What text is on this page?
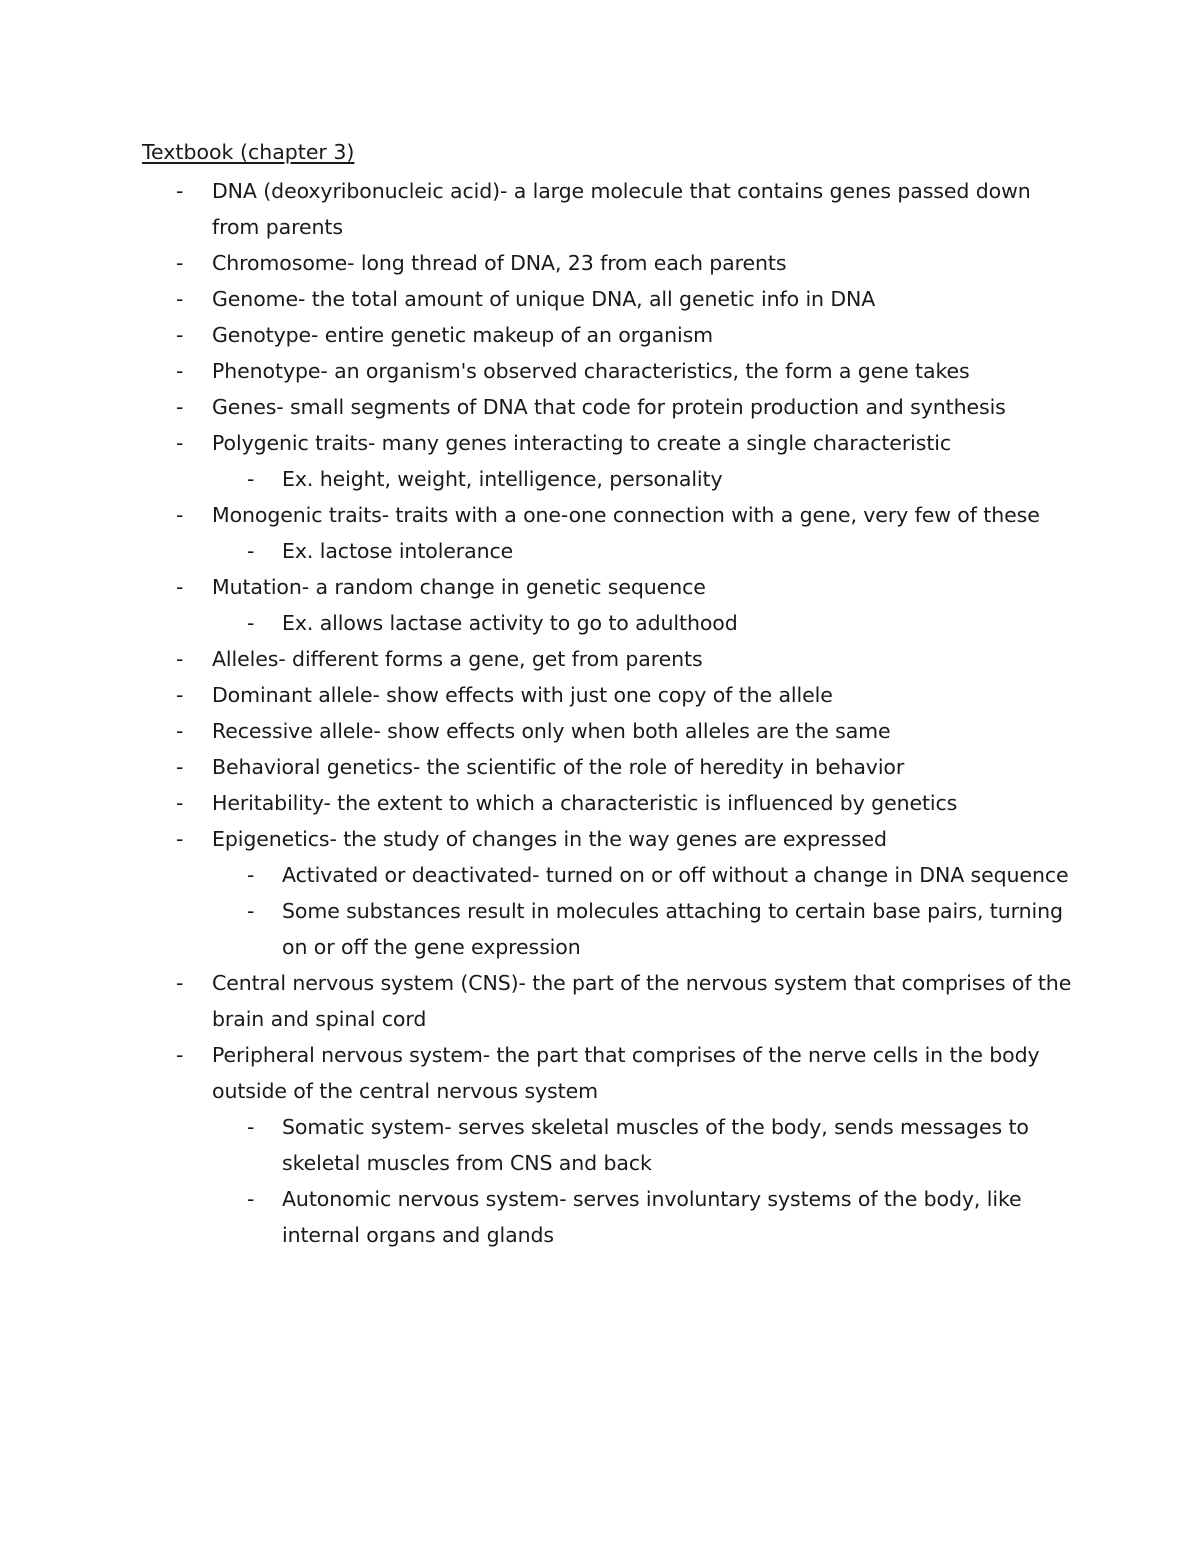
Textbook (chapter 3)
- DNA (deoxyribonucleic acid)- a large molecule that contains genes passed down from parents
- Chromosome- long thread of DNA, 23 from each parents
- Genome- the total amount of unique DNA, all genetic info in DNA
- Genotype- entire genetic makeup of an organism
- Phenotype- an organism's observed characteristics, the form a gene takes
- Genes- small segments of DNA that code for protein production and synthesis
- Polygenic traits- many genes interacting to create a single characteristic
- Ex. height, weight, intelligence, personality
- Monogenic traits- traits with a one-one connection with a gene, very few of these
- Ex. lactose intolerance
- Mutation- a random change in genetic sequence
- Ex. allows lactase activity to go to adulthood
- Alleles- different forms a gene, get from parents
- Dominant allele- show effects with just one copy of the allele
- Recessive allele- show effects only when both alleles are the same
- Behavioral genetics- the scientific of the role of heredity in behavior
- Heritability- the extent to which a characteristic is influenced by genetics
- Epigenetics- the study of changes in the way genes are expressed
- Activated or deactivated- turned on or off without a change in DNA sequence
- Some substances result in molecules attaching to certain base pairs, turning on or off the gene expression
- Central nervous system (CNS)- the part of the nervous system that comprises of the brain and spinal cord
- Peripheral nervous system- the part that comprises of the nerve cells in the body outside of the central nervous system
- Somatic system- serves skeletal muscles of the body, sends messages to skeletal muscles from CNS and back
- Autonomic nervous system- serves involuntary systems of the body, like internal organs and glands
